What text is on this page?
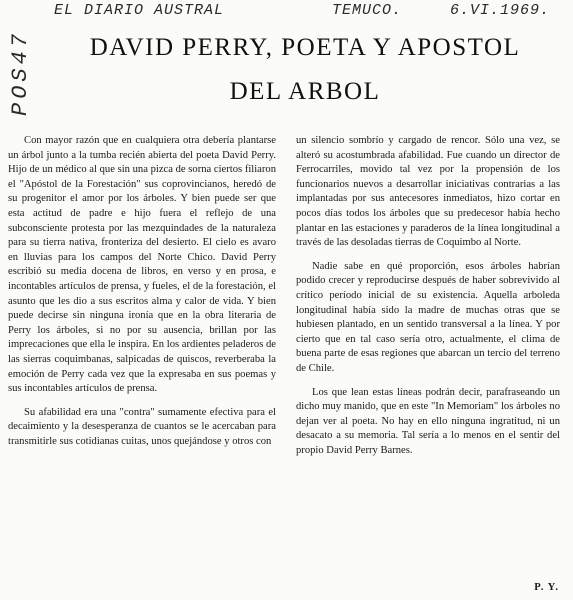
POS47
EL DIARIO AUSTRAL	TEMUCO.	6.VI.1969.
DAVID PERRY, POETA Y APOSTOL
DEL ARBOL

Con mayor razón que en cualquiera otra debería plantarse un árbol junto a la tumba recién abierta del poeta David Perry. Hijo de un médico al que sin una pizca de sorna ciertos filiaron el "Apóstol de la Forestación" sus coprovincianos, heredó de su progenitor el amor por los árboles. Y bien puede ser que esta actitud de padre e hijo fuera el reflejo de una subconsciente protesta por las mezquindades de la naturaleza para su tierra nativa, fronteriza del desierto. El cielo es avaro en lluvias para los campos del Norte Chico. David Perry escribió su media docena de libros, en verso y en prosa, e incontables artículos de prensa, y fueles, el de la forestación, el asunto que les dio a sus escritos alma y calor de vida. Y bien puede decirse sin ninguna ironía que en la obra literaria de Perry los árboles, si no por su ausencia, brillan por las imprecaciones que ella le inspira. En los ardientes peladeros de las sierras coquimbanas, salpicadas de quiscos, reverberaba la emoción de Perry cada vez que la expresaba en sus poemas y sus incontables artículos de prensa.

Su afabilidad era una "contra" sumamente efectiva para el decaimiento y la desesperanza de cuantos se le acercaban para transmitirle sus cotidianas cuitas, unos quejándose y otros con

un silencio sombrío y cargado de rencor. Sólo una vez, se alteró su acostumbrada afabilidad. Fue cuando un director de Ferrocarriles, movido tal vez por la propensión de los funcionarios nuevos a desarrollar iniciativas contrarias a las implantadas por sus antecesores inmediatos, hizo cortar en pocos días todos los árboles que su predecesor había hecho plantar en las estaciones y paraderos de la línea longitudinal a través de las desoladas tierras de Coquimbo al Norte.

Nadie sabe en qué proporción, esos árboles habrían podido crecer y reproducirse después de haber sobrevivido al crítico período inicial de su existencia. Aquella arboleda longitudinal había sido la madre de muchas otras que se hubiesen plantado, en un sentido transversal a la línea. Y por cierto que en tal caso sería otro, actualmente, el clima de buena parte de esas regiones que abarcan un tercio del terreno de Chile.

Los que lean estas líneas podrán decir, parafraseando un dicho muy manido, que en este "In Memoriam" los árboles no dejan ver al poeta. No hay en ello ninguna ingratitud, ni un desacato a su memoria. Tal sería a lo menos en el sentir del propio David Perry Barnes.

P. Y.
